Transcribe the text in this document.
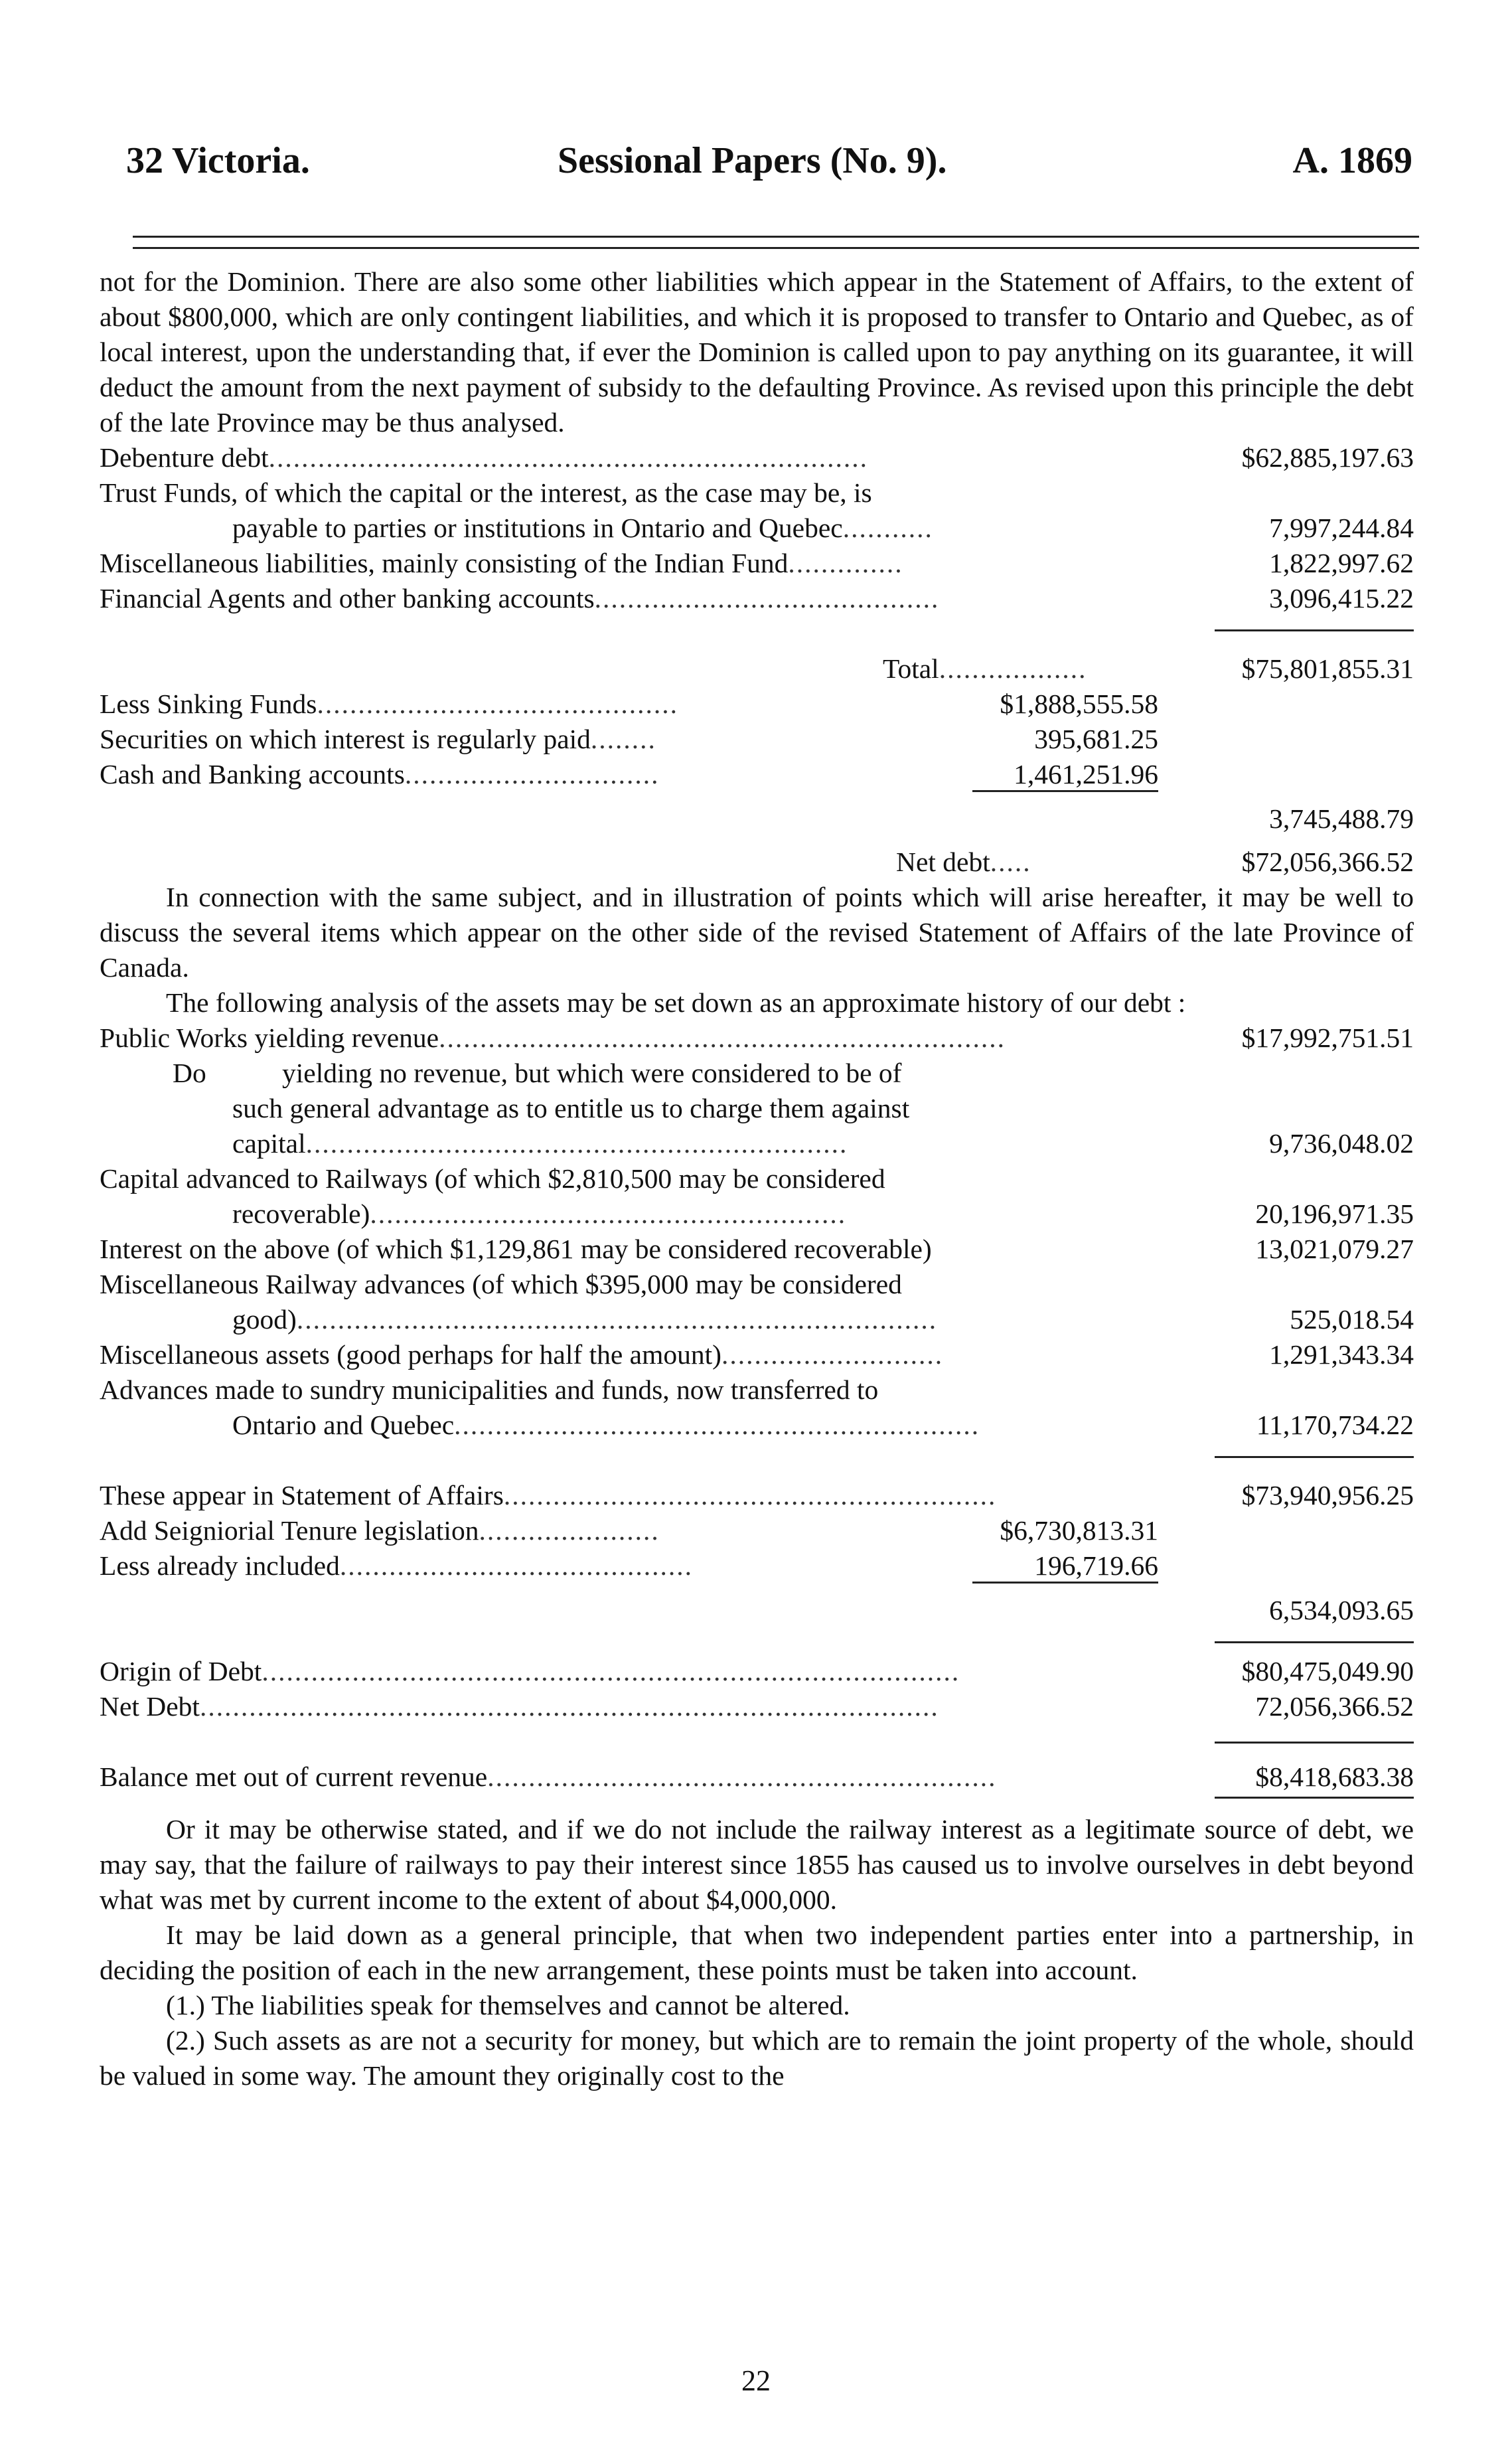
32 Victoria.	Sessional Papers (No. 9).	A. 1869

not for the Dominion. There are also some other liabilities which appear in the Statement of Affairs, to the extent of about $800,000, which are only contingent liabilities, and which it is proposed to transfer to Ontario and Quebec, as of local interest, upon the understanding that, if ever the Dominion is called upon to pay anything on its guarantee, it will deduct the amount from the next payment of subsidy to the defaulting Province. As revised upon this principle the debt of the late Province may be thus analysed.

Debenture debt.........................................................................	$62,885,197.63
Trust Funds, of which the capital or the interest, as the case may be, is
payable to parties or institutions in Ontario and Quebec...........	7,997,244.84
Miscellaneous liabilities, mainly consisting of the Indian Fund..............	1,822,997.62
Financial Agents and other banking accounts..........................................	3,096,415.22
Total..................	$75,801,855.31
Less Sinking Funds............................................	$1,888,555.58
Securities on which interest is regularly paid........	395,681.25
Cash and Banking accounts...............................	1,461,251.96
3,745,488.79
Net debt.....	$72,056,366.52

In connection with the same subject, and in illustration of points which will arise hereafter, it may be well to discuss the several items which appear on the other side of the revised Statement of Affairs of the late Province of Canada.

The following analysis of the assets may be set down as an approximate history of our debt :

Public Works yielding revenue.....................................................................	$17,992,751.51
Do	yielding no revenue, but which were considered to be of
such general advantage as to entitle us to charge them against
capital..................................................................	9,736,048.02
Capital advanced to Railways (of which $2,810,500 may be considered
recoverable)..........................................................	20,196,971.35
Interest on the above (of which $1,129,861 may be considered recoverable)	13,021,079.27
Miscellaneous Railway advances (of which $395,000 may be considered
good)..............................................................................	525,018.54
Miscellaneous assets (good perhaps for half the amount)...........................	1,291,343.34
Advances made to sundry municipalities and funds, now transferred to
Ontario and Quebec................................................................	11,170,734.22
These appear in Statement of Affairs............................................................	$73,940,956.25
Add Seigniorial Tenure legislation......................	$6,730,813.31
Less already included...........................................	196,719.66
6,534,093.65
Origin of Debt.....................................................................................	$80,475,049.90
Net Debt..........................................................................................	72,056,366.52
Balance met out of current revenue..............................................................	$8,418,683.38

Or it may be otherwise stated, and if we do not include the railway interest as a legitimate source of debt, we may say, that the failure of railways to pay their interest since 1855 has caused us to involve ourselves in debt beyond what was met by current income to the extent of about $4,000,000.

It may be laid down as a general principle, that when two independent parties enter into a partnership, in deciding the position of each in the new arrangement, these points must be taken into account.

(1.) The liabilities speak for themselves and cannot be altered.

(2.) Such assets as are not a security for money, but which are to remain the joint property of the whole, should be valued in some way. The amount they originally cost to the

22
